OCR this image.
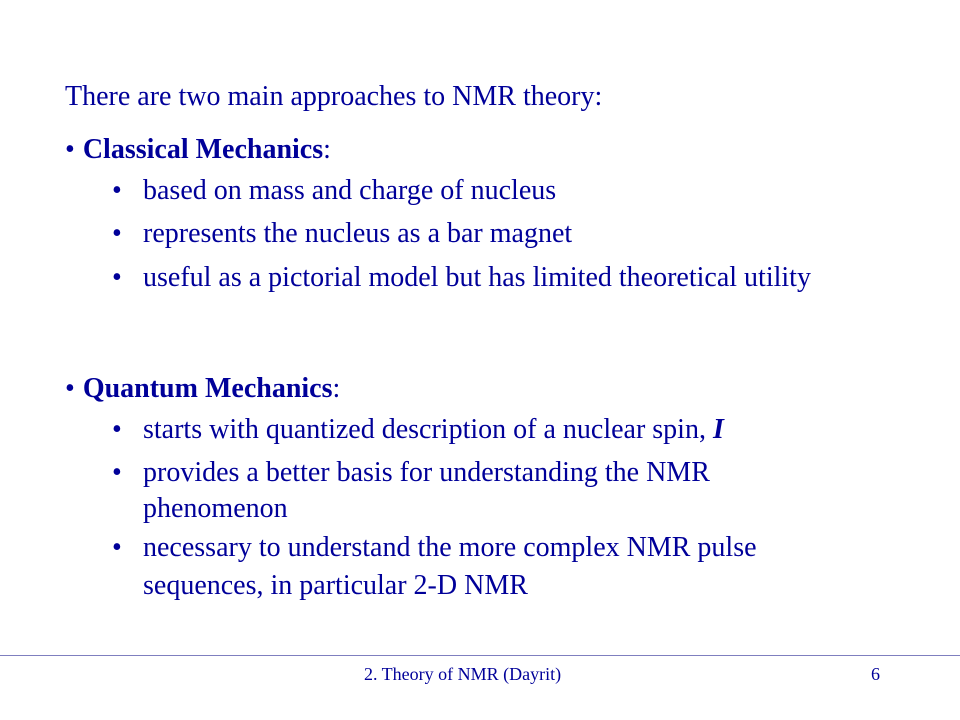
There are two main approaches to NMR theory:
• Classical Mechanics:
• based on mass and charge of nucleus
• represents the nucleus as a bar magnet
• useful as a pictorial model but has limited theoretical utility
• Quantum Mechanics:
• starts with quantized description of a nuclear spin, I
• provides a better basis for understanding the NMR phenomenon
• necessary to understand the more complex NMR pulse sequences, in particular 2-D NMR
2. Theory of NMR (Dayrit)	6
